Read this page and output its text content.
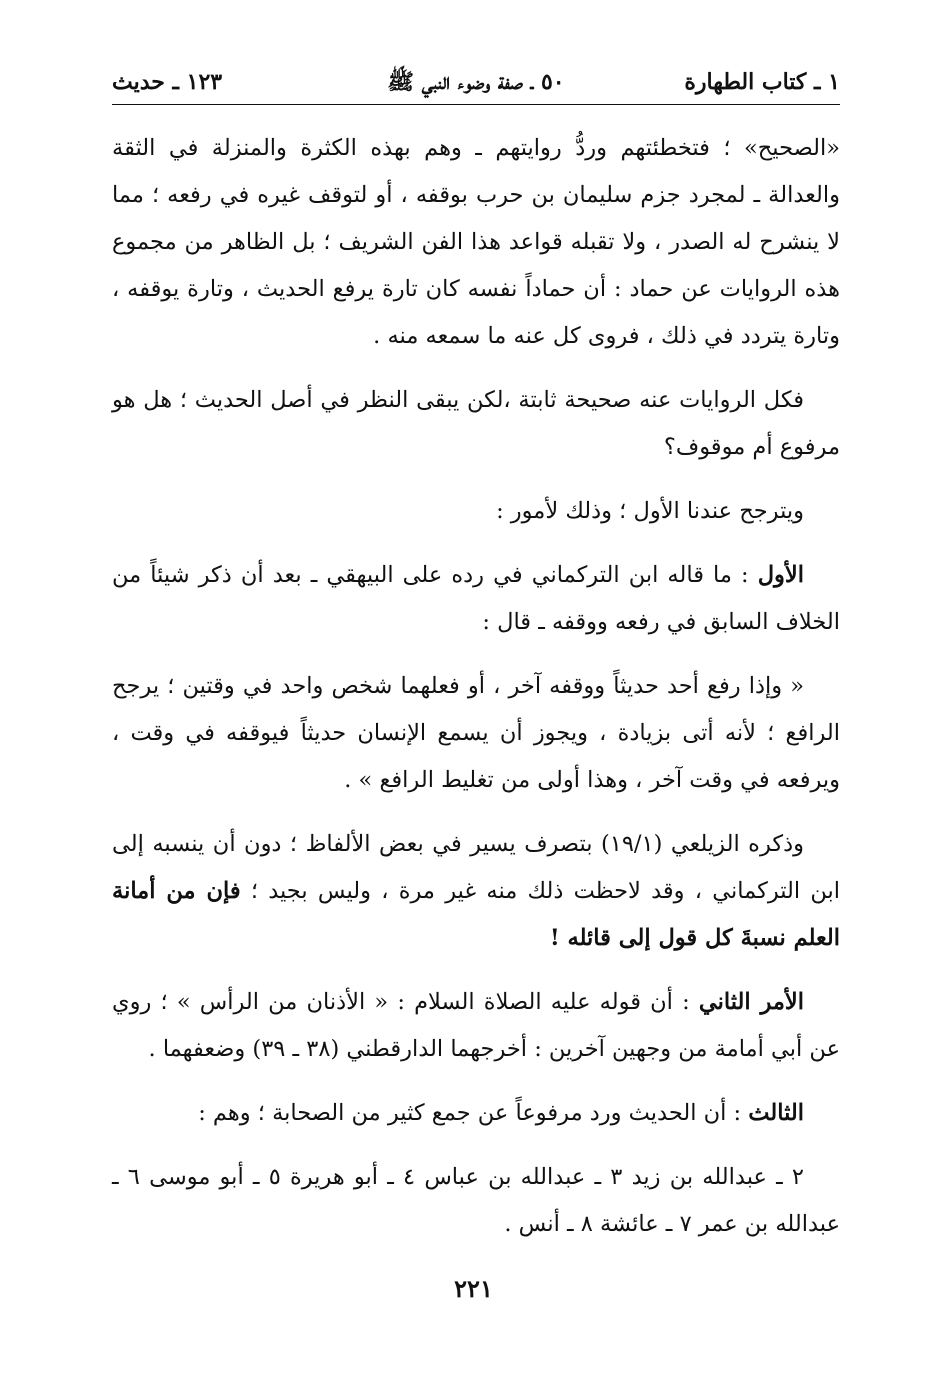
١ ـ كتاب الطهارة
٥٠ ـ صفة وضوء النبي ﷺ
١٢٣ ـ حديث

«الصحيح» ؛ فتخطئتهم وردُّ روايتهم ـ وهم بهذه الكثرة والمنزلة في الثقة والعدالة ـ لمجرد جزم سليمان بن حرب بوقفه ، أو لتوقف غيره في رفعه ؛ مما لا ينشرح له الصدر ، ولا تقبله قواعد هذا الفن الشريف ؛ بل الظاهر من مجموع هذه الروايات عن حماد : أن حماداً نفسه كان تارة يرفع الحديث ، وتارة يوقفه ، وتارة يتردد في ذلك ، فروى كل عنه ما سمعه منه .

فكل الروايات عنه صحيحة ثابتة ،لكن يبقى النظر في أصل الحديث ؛ هل هو مرفوع أم موقوف؟

ويترجح عندنا الأول ؛ وذلك لأمور :

الأول : ما قاله ابن التركماني في رده على البيهقي ـ بعد أن ذكر شيئاً من الخلاف السابق في رفعه ووقفه ـ قال :

« وإذا رفع أحد حديثاً ووقفه آخر ، أو فعلهما شخص واحد في وقتين ؛ يرجح الرافع ؛ لأنه أتى بزيادة ، ويجوز أن يسمع الإنسان حديثاً فيوقفه في وقت ، ويرفعه في وقت آخر ، وهذا أولى من تغليط الرافع » .

وذكره الزيلعي (١٩/١) بتصرف يسير في بعض الألفاظ ؛ دون أن ينسبه إلى ابن التركماني ، وقد لاحظت ذلك منه غير مرة ، وليس بجيد ؛ فإن من أمانة العلم نسبةَ كل قول إلى قائله !

الأمر الثاني : أن قوله عليه الصلاة السلام : « الأذنان من الرأس » ؛ روي عن أبي أمامة من وجهين آخرين : أخرجهما الدارقطني (٣٨ ـ ٣٩) وضعفهما .

الثالث : أن الحديث ورد مرفوعاً عن جمع كثير من الصحابة ؛ وهم :

٢ ـ عبدالله بن زيد ٣ ـ عبدالله بن عباس ٤ ـ أبو هريرة ٥ ـ أبو موسى ٦ ـ عبدالله بن عمر ٧ ـ عائشة ٨ ـ أنس .

٢٢١
